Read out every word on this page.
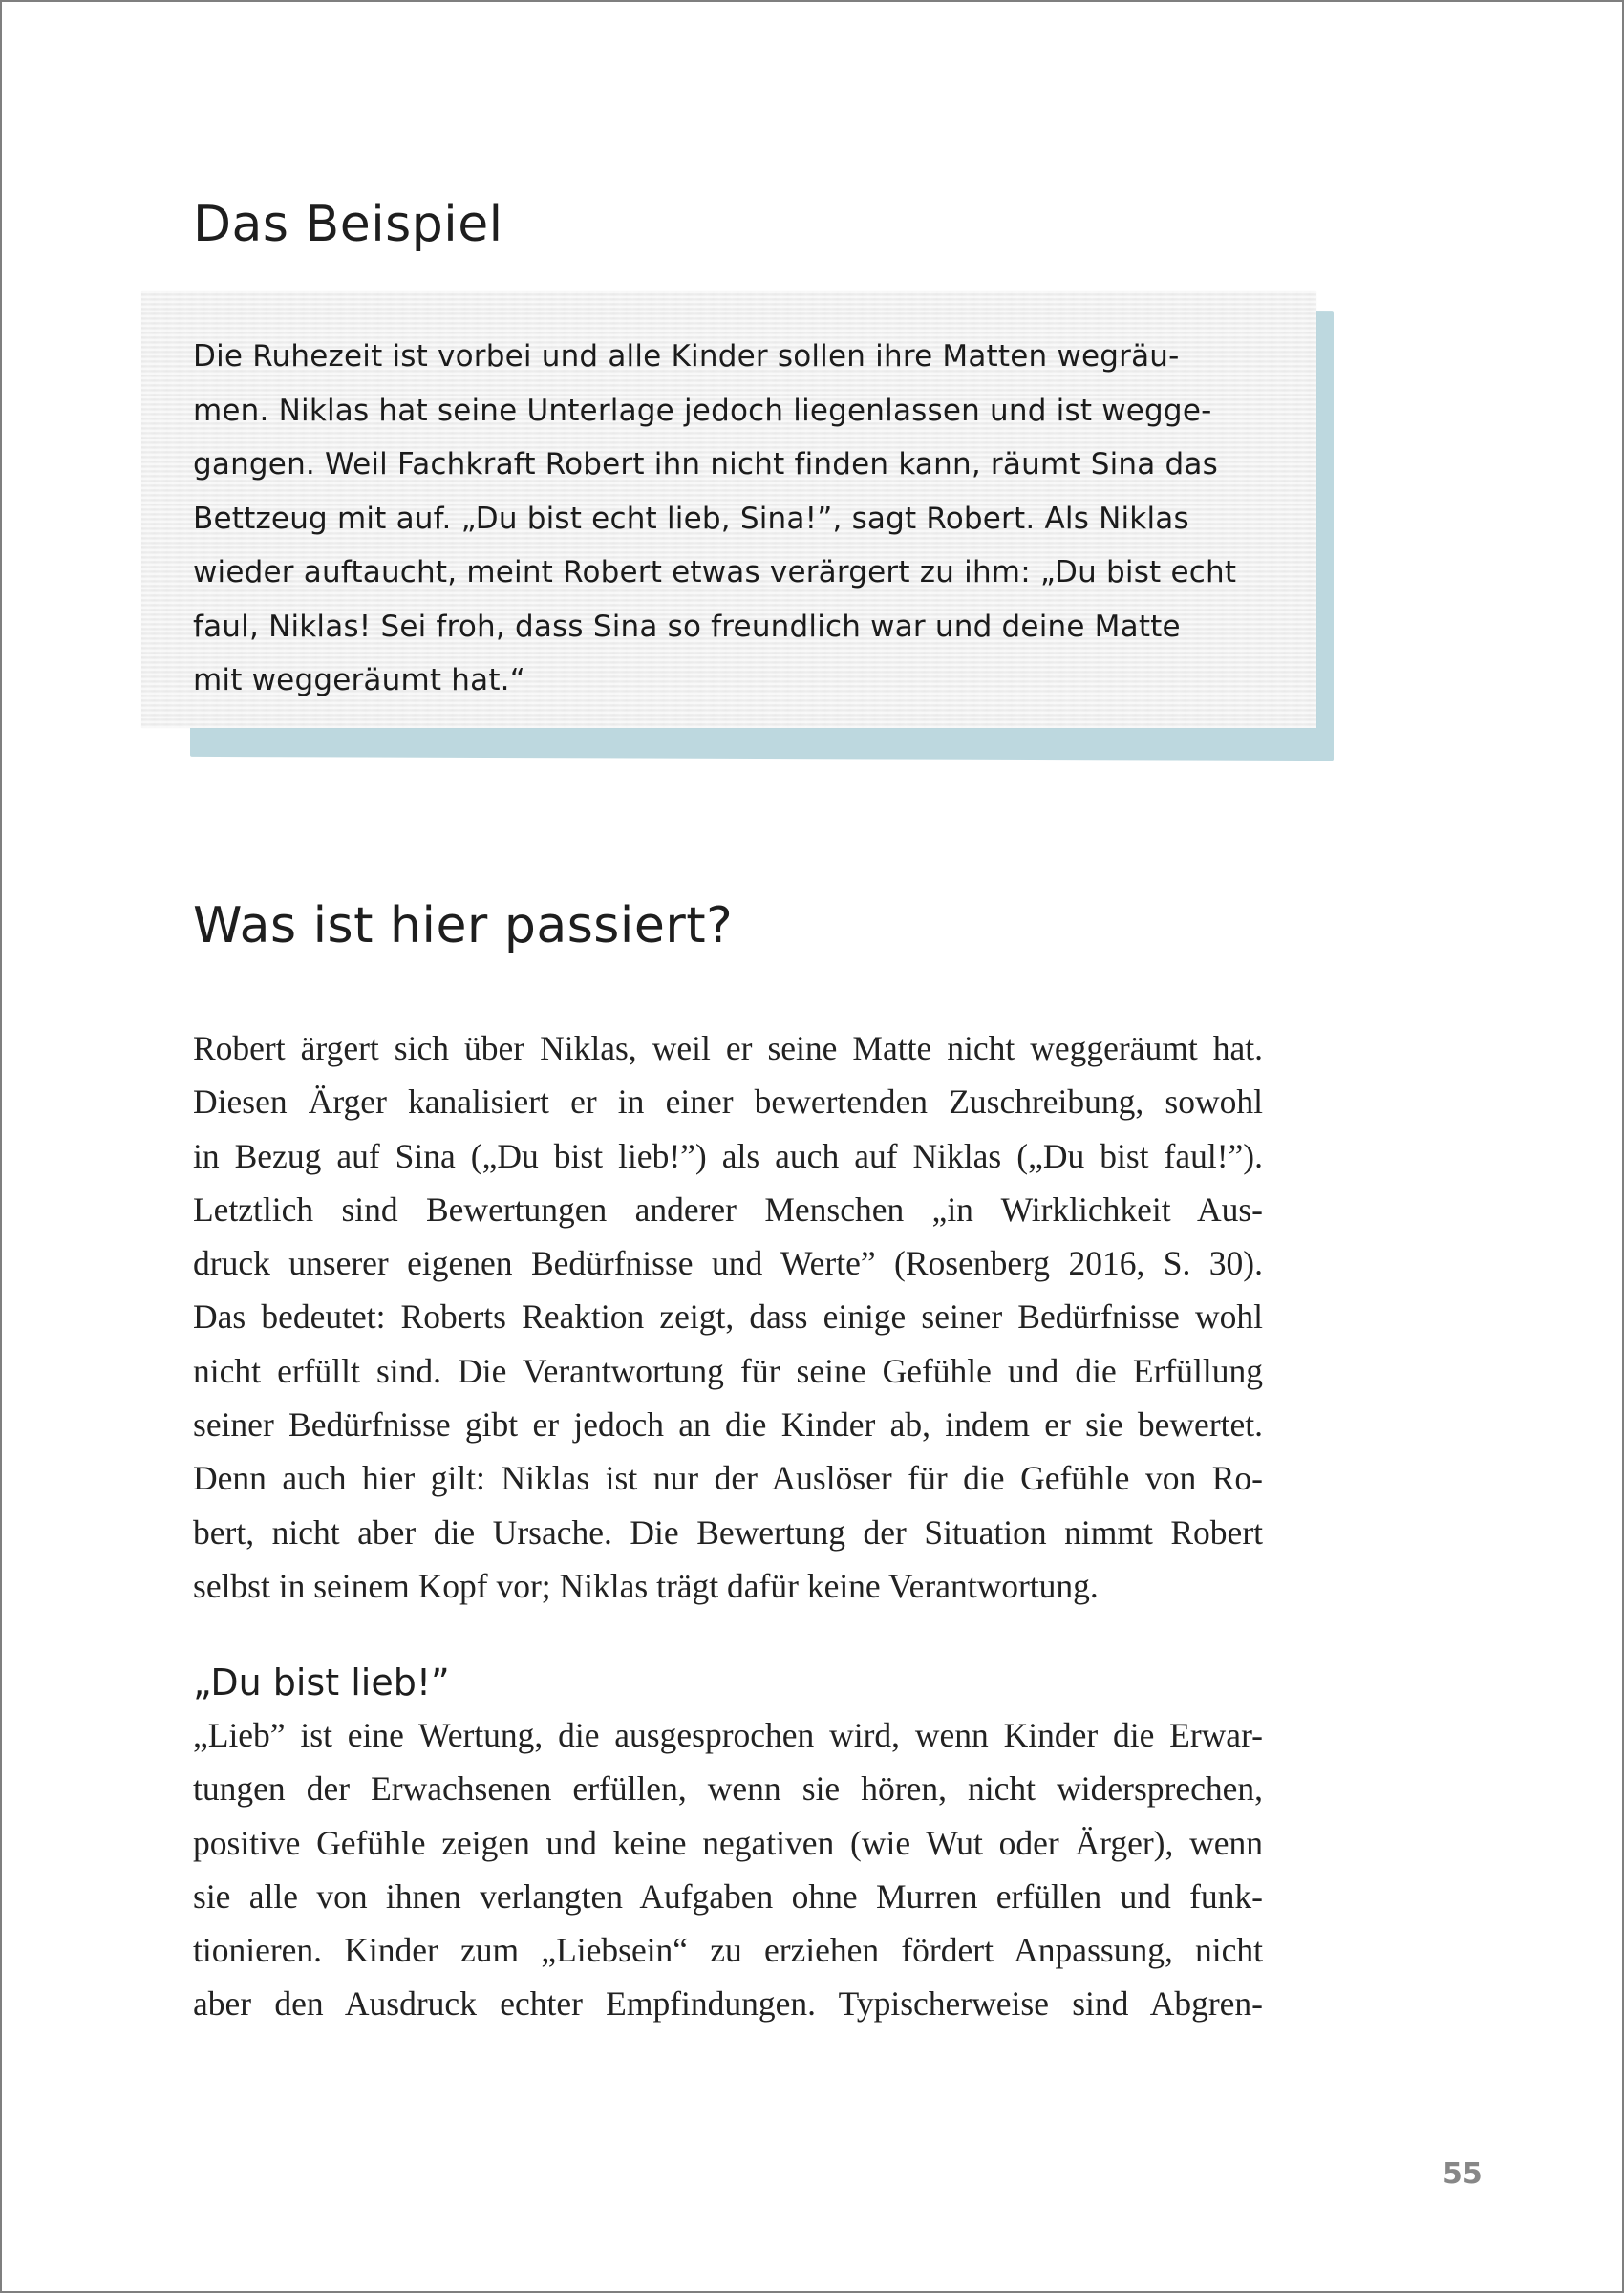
Das Beispiel

Die Ruhezeit ist vorbei und alle Kinder sollen ihre Matten wegräu-
men. Niklas hat seine Unterlage jedoch liegenlassen und ist wegge-
gangen. Weil Fachkraft Robert ihn nicht finden kann, räumt Sina das
Bettzeug mit auf. „Du bist echt lieb, Sina!”, sagt Robert. Als Niklas
wieder auftaucht, meint Robert etwas verärgert zu ihm: „Du bist echt
faul, Niklas! Sei froh, dass Sina so freundlich war und deine Matte
mit weggeräumt hat.“

Was ist hier passiert?

Robert ärgert sich über Niklas, weil er seine Matte nicht weggeräumt hat.
Diesen Ärger kanalisiert er in einer bewertenden Zuschreibung, sowohl
in Bezug auf Sina („Du bist lieb!”) als auch auf Niklas („Du bist faul!”).
Letztlich sind Bewertungen anderer Menschen „in Wirklichkeit Aus-
druck unserer eigenen Bedürfnisse und Werte” (Rosenberg 2016, S. 30).
Das bedeutet: Roberts Reaktion zeigt, dass einige seiner Bedürfnisse wohl
nicht erfüllt sind. Die Verantwortung für seine Gefühle und die Erfüllung
seiner Bedürfnisse gibt er jedoch an die Kinder ab, indem er sie bewertet.
Denn auch hier gilt: Niklas ist nur der Auslöser für die Gefühle von Ro-
bert, nicht aber die Ursache. Die Bewertung der Situation nimmt Robert
selbst in seinem Kopf vor; Niklas trägt dafür keine Verantwortung.

„Du bist lieb!”

„Lieb” ist eine Wertung, die ausgesprochen wird, wenn Kinder die Erwar-
tungen der Erwachsenen erfüllen, wenn sie hören, nicht widersprechen,
positive Gefühle zeigen und keine negativen (wie Wut oder Ärger), wenn
sie alle von ihnen verlangten Aufgaben ohne Murren erfüllen und funk-
tionieren. Kinder zum „Liebsein“ zu erziehen fördert Anpassung, nicht
aber den Ausdruck echter Empfindungen. Typischerweise sind Abgren-

55
